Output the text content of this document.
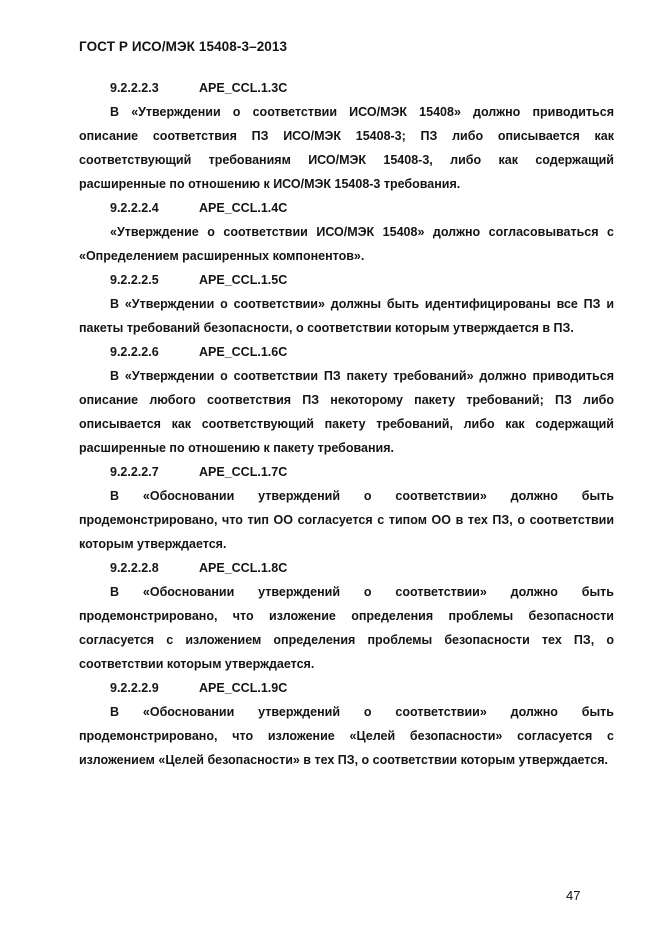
ГОСТ Р ИСО/МЭК 15408-3–2013
9.2.2.2.3	APE_CCL.1.3C

В «Утверждении о соответствии ИСО/МЭК 15408» должно приводиться описание соответствия ПЗ ИСО/МЭК 15408-3; ПЗ либо описывается как соответствующий требованиям ИСО/МЭК 15408-3, либо как содержащий расширенные по отношению к ИСО/МЭК 15408-3 требования.

9.2.2.2.4	APE_CCL.1.4C

«Утверждение о соответствии ИСО/МЭК 15408» должно согласовываться с «Определением расширенных компонентов».

9.2.2.2.5	APE_CCL.1.5C

В «Утверждении о соответствии» должны быть идентифицированы все ПЗ и пакеты требований безопасности, о соответствии которым утверждается в ПЗ.

9.2.2.2.6	APE_CCL.1.6C

В «Утверждении о соответствии ПЗ пакету требований» должно приводиться описание любого соответствия ПЗ некоторому пакету требований; ПЗ либо описывается как соответствующий пакету требований, либо как содержащий расширенные по отношению к пакету требования.

9.2.2.2.7	APE_CCL.1.7C

В «Обосновании утверждений о соответствии» должно быть продемонстрировано, что тип ОО согласуется с типом ОО в тех ПЗ, о соответствии которым утверждается.

9.2.2.2.8	APE_CCL.1.8C

В «Обосновании утверждений о соответствии» должно быть продемонстрировано, что изложение определения проблемы безопасности согласуется с изложением определения проблемы безопасности тех ПЗ, о соответствии которым утверждается.

9.2.2.2.9	APE_CCL.1.9C

В «Обосновании утверждений о соответствии» должно быть продемонстрировано, что изложение «Целей безопасности» согласуется с изложением «Целей безопасности» в тех ПЗ, о соответствии которым утверждается.

47
